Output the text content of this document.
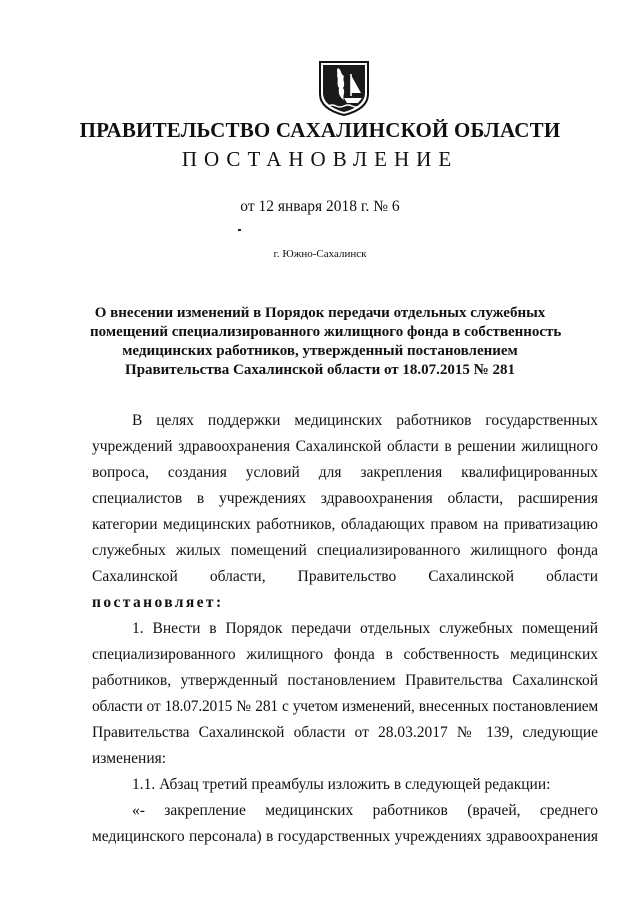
ПРАВИТЕЛЬСТВО САХАЛИНСКОЙ ОБЛАСТИ
ПОСТАНОВЛЕНИЕ
от 12 января 2018 г. № 6
г. Южно-Сахалинск
О внесении изменений в Порядок передачи отдельных служебных
помещений специализированного жилищного фонда в собственность
медицинских работников, утвержденный постановлением
Правительства Сахалинской области от 18.07.2015 № 281
В целях поддержки медицинских работников государственных
учреждений здравоохранения Сахалинской области в решении жилищного
вопроса, создания условий для закрепления квалифицированных
специалистов в учреждениях здравоохранения области, расширения
категории медицинских работников, обладающих правом на приватизацию
служебных жилых помещений специализированного жилищного фонда
Сахалинской области, Правительство Сахалинской области
постановляет:
1. Внести в Порядок передачи отдельных служебных помещений
специализированного жилищного фонда в собственность медицинских
работников, утвержденный постановлением Правительства Сахалинской
области от 18.07.2015 № 281 с учетом изменений, внесенных постановлением
Правительства Сахалинской области от 28.03.2017 № 139, следующие
изменения:
1.1. Абзац третий преамбулы изложить в следующей редакции:
«- закрепление медицинских работников (врачей, среднего
медицинского персонала) в государственных учреждениях здравоохранения
